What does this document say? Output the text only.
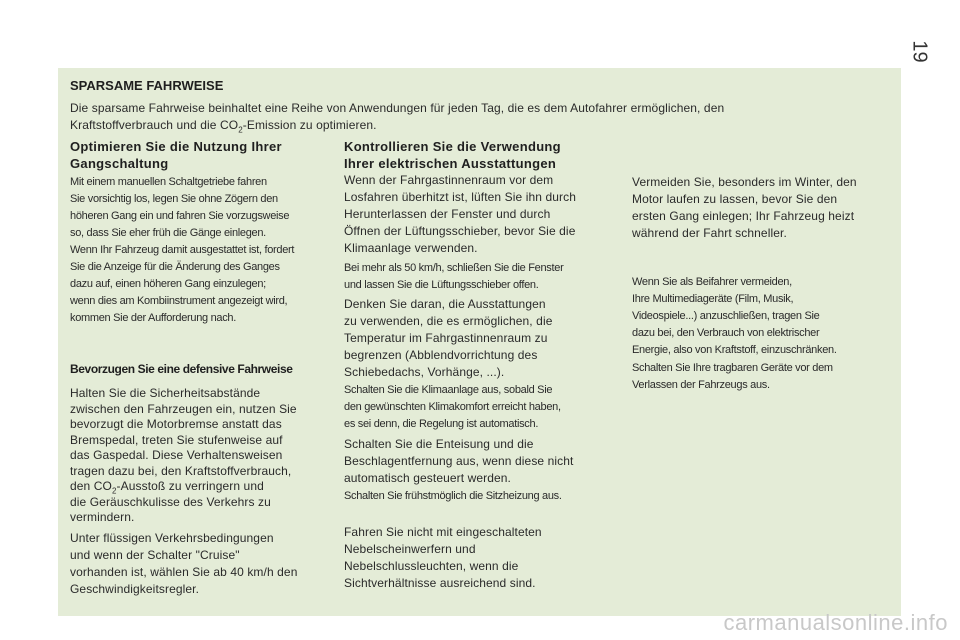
19
SPARSAME FAHRWEISE
Die sparsame Fahrweise beinhaltet eine Reihe von Anwendungen für jeden Tag, die es dem Autofahrer ermöglichen, den
Kraftstoffverbrauch und die $CO_2$-Emission zu optimieren.
Optimieren Sie die Nutzung Ihrer
Gangschaltung
Mit einem manuellen Schaltgetriebe fahren
Sie vorsichtig los, legen Sie ohne Zögern den
höheren Gang ein und fahren Sie vorzugsweise
so, dass Sie eher früh die Gänge einlegen.
Wenn Ihr Fahrzeug damit ausgestattet ist, fordert
Sie die Anzeige für die Änderung des Ganges
dazu auf, einen höheren Gang einzulegen;
wenn dies am Kombiinstrument angezeigt wird,
kommen Sie der Aufforderung nach.
Bevorzugen Sie eine defensive Fahrweise
Halten Sie die Sicherheitsabstände
zwischen den Fahrzeugen ein, nutzen Sie
bevorzugt die Motorbremse anstatt das
Bremspedal, treten Sie stufenweise auf
das Gaspedal. Diese Verhaltensweisen
tragen dazu bei, den Kraftstoffverbrauch,
den $CO_2$-Ausstoß zu verringern und
die Geräuschkulisse des Verkehrs zu
vermindern.
Unter flüssigen Verkehrsbedingungen
und wenn der Schalter "Cruise"
vorhanden ist, wählen Sie ab 40 km/h den
Geschwindigkeitsregler.
Kontrollieren Sie die Verwendung
Ihrer elektrischen Ausstattungen
Wenn der Fahrgastinnenraum vor dem
Losfahren überhitzt ist, lüften Sie ihn durch
Herunterlassen der Fenster und durch
Öffnen der Lüftungsschieber, bevor Sie die
Klimaanlage verwenden.
Bei mehr als 50 km/h, schließen Sie die Fenster
und lassen Sie die Lüftungsschieber offen.
Denken Sie daran, die Ausstattungen
zu verwenden, die es ermöglichen, die
Temperatur im Fahrgastinnenraum zu
begrenzen (Abblendvorrichtung des
Schiebedachs, Vorhänge, ...).
Schalten Sie die Klimaanlage aus, sobald Sie
den gewünschten Klimakomfort erreicht haben,
es sei denn, die Regelung ist automatisch.
Schalten Sie die Enteisung und die
Beschlagentfernung aus, wenn diese nicht
automatisch gesteuert werden.
Schalten Sie frühstmöglich die Sitzheizung aus.
Fahren Sie nicht mit eingeschalteten
Nebelscheinwerfern und
Nebelschlussleuchten, wenn die
Sichtverhältnisse ausreichend sind.
Vermeiden Sie, besonders im Winter, den
Motor laufen zu lassen, bevor Sie den
ersten Gang einlegen; Ihr Fahrzeug heizt
während der Fahrt schneller.
Wenn Sie als Beifahrer vermeiden,
Ihre Multimediageräte (Film, Musik,
Videospiele...) anzuschließen, tragen Sie
dazu bei, den Verbrauch von elektrischer
Energie, also von Kraftstoff, einzuschränken.
Schalten Sie Ihre tragbaren Geräte vor dem
Verlassen der Fahrzeugs aus.
carmanualsonline.info
